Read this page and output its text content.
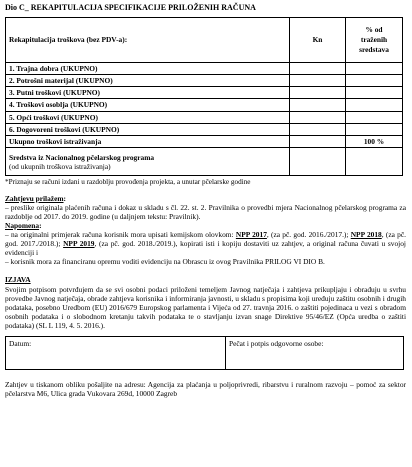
Dio C_ REKAPITULACIJA SPECIFIKACIJE PRILOŽENIH RAČUNA
Rekapitulacija troškova (bez PDV-a):	Kn	% od
traženih
sredstava

1. Trajna dobra (UKUPNO)		
2. Potrošni materijal (UKUPNO)		
3. Putni troškovi (UKUPNO)		
4. Troškovi osoblja (UKUPNO)		
5. Opći troškovi (UKUPNO)		
6. Dogovoreni troškovi (UKUPNO)		
Ukupno troškovi istraživanja		100 %

Sredstva iz Nacionalnog pčelarskog programa
(od ukupnih troškova istraživanja)		

*Priznaju se računi izdani u razdoblju provođenja projekta, a unutar pčelarske godine
Zahtjevu prilažem:

– preslike originala plaćenih računa i dokaz u skladu s čl. 22. st. 2. Pravilnika o provedbi mjera Nacionalnog pčelarskog programa za razdoblje od 2017. do 2019. godine (u daljnjem tekstu: Pravilnik).

Napomena:

– na originalni primjerak računa korisnik mora upisati kemijskom olovkom: NPP 2017, (za pč. god. 2016./2017.); NPP 2018, (za pč. god. 2017./2018.); NPP 2019, (za pč. god. 2018./2019.), kopirati isti i kopiju dostaviti uz zahtjev, a original računa čuvati u svojoj evidenciji i

– korisnik mora za financiranu opremu voditi evidenciju na Obrascu iz ovog Pravilnika PRILOG VI DIO B.

IZJAVA

Svojim potpisom potvrđujem da se svi osobni podaci priloženi temeljem Javnog natječaja i zahtjeva prikupljaju i obrađuju u svrhu provedbe Javnog natječaja, obrade zahtjeva korisnika i informiranja javnosti, u skladu s propisima koji uređuju zaštitu osobnih i drugih podataka, posebno Uredbom (EU) 2016/679 Europskog parlamenta i Vijeća od 27. travnja 2016. o zaštiti pojedinaca u vezi s obradom osobnih podataka i o slobodnom kretanju takvih podataka te o stavljanju izvan snage Direktive 95/46/EZ (Opća uredba o zaštiti podataka) (SL L 119, 4. 5. 2016.).

Datum:	Pečat i potpis odgovorne osobe:

Zahtjev u tiskanom obliku pošaljite na adresu: Agencija za plaćanja u poljoprivredi, ribarstvu i ruralnom razvoju – pomoć za sektor pčelarstva M6, Ulica grada Vukovara 269d, 10000 Zagreb
